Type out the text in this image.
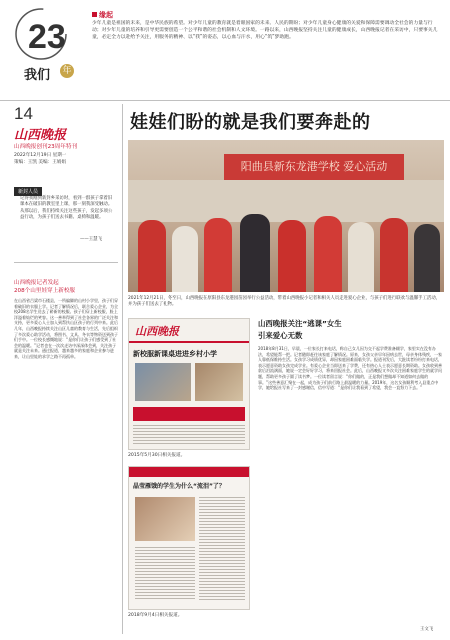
23
我们 年
缘起
少年儿童是祖国的未来，是中华民族的希望。对少年儿童的教育就是着眼国家的未来、人民的期盼；对少年儿童身心健康的关爱和保障需要调动全社会的力量与行动；对少年儿童的培养和引导更需要创造一个公平和谐的社会机制和人文环境。一路以来，山西晚报坚持关注儿童的健康成长，山西晚报记者在采访中，只要事关儿童，必定全力以赴给予关注，用服务的精神、以“我”的姿态，以心血与汗水，用心“筑”梦助跑。
14
山西晚报
山西晚报创刊23周年特刊
2022年12月19日 星期一
策编：王凯 美编：王娟娟
新封人员
记得我刚到新封乡采访时，看到一群孩子拿着旧课本在破旧的教室里上课，那一刻我深受触动。从那以后，我们持续关注这些孩子，发起多项公益行动，为孩子们送去书籍、桌椅和温暖。
——王慧飞
山西晚报记者发起
208个山里娃穿上新校服
在山西省吕梁市石楼县，一所偏僻的山村小学里，孩子们穿着破旧的衣服上学。记者了解情况后，联合爱心企业，为全校208名学生送去了崭新的校服。孩子们穿上新校服，脸上洋溢着灿烂的笑容。这一善举得到了社会各界的广泛关注和支持，更多爱心人士加入到帮扶山区孩子的行列中来。此后几年，山西晚报持续关注山区儿童的教育与生活，先后组织了多次爱心助学活动，将图书、文具、冬衣等物资送到孩子们手中。一位校长感慨地说：“是你们让孩子们感受到了社会的温暖。”记者也在一次次走访中深深体会到，关注孩子就是关注未来。通过报道，越来越多的家庭和企业参与进来，让山里娃的求学之路不再孤单。
娃娃们盼的就是我们要奔赴的
阳曲县新东龙港学校 爱心活动
2021年12月21日，冬至日，山西晚报在原阳县东龙港园苗园举行公益活动，带着山西晚报小记者和相关人员走进爱心企业，与孩子们进行联欢与温馨手工活动，并为孩子们送去了礼物。
山西晚报
新校服新课桌进进乡村小学
2015年5月30日相关报道。
晶莹雁饿的学生为什么“流泪”了？
2018年9月4日相关报道。
山西晚报关注“逃课”女生
引来爱心无数
2018年8月31日，早晨，一位家长打来电话，称自己女儿因为交不起学费准备辍学，家里实在没有办法，希望能帮一把。记者随即赶往该家庭了解情况。原来，女孩父亲早年因病去世，母亲身体残疾，一家人靠低保维持生活。女孩学习成绩优异，却因家庭困难面临失学。报道刊发后，大批读者纷纷打来电话，表示愿意资助女孩完成学业。有爱心企业当即送来了学费，还有热心人士表示愿意长期资助。女孩收到善款后泪流满面，她说一定会好好学习，将来回报社会。此后，山西晚报又多次关注困难家庭学生的就学问题，帮助更多孩子圆了读书梦。一位读者留言说：“你们做的，正是我们想做却不知道如何去做的事。”这些善意汇聚在一起，成为孩子们前行路上最温暖的力量。2019年，这名女孩顺利考入县重点中学，她给报社写来了一封感谢信，信中写道：“是你们让我看到了希望，我会一直努力下去。”
王文飞
